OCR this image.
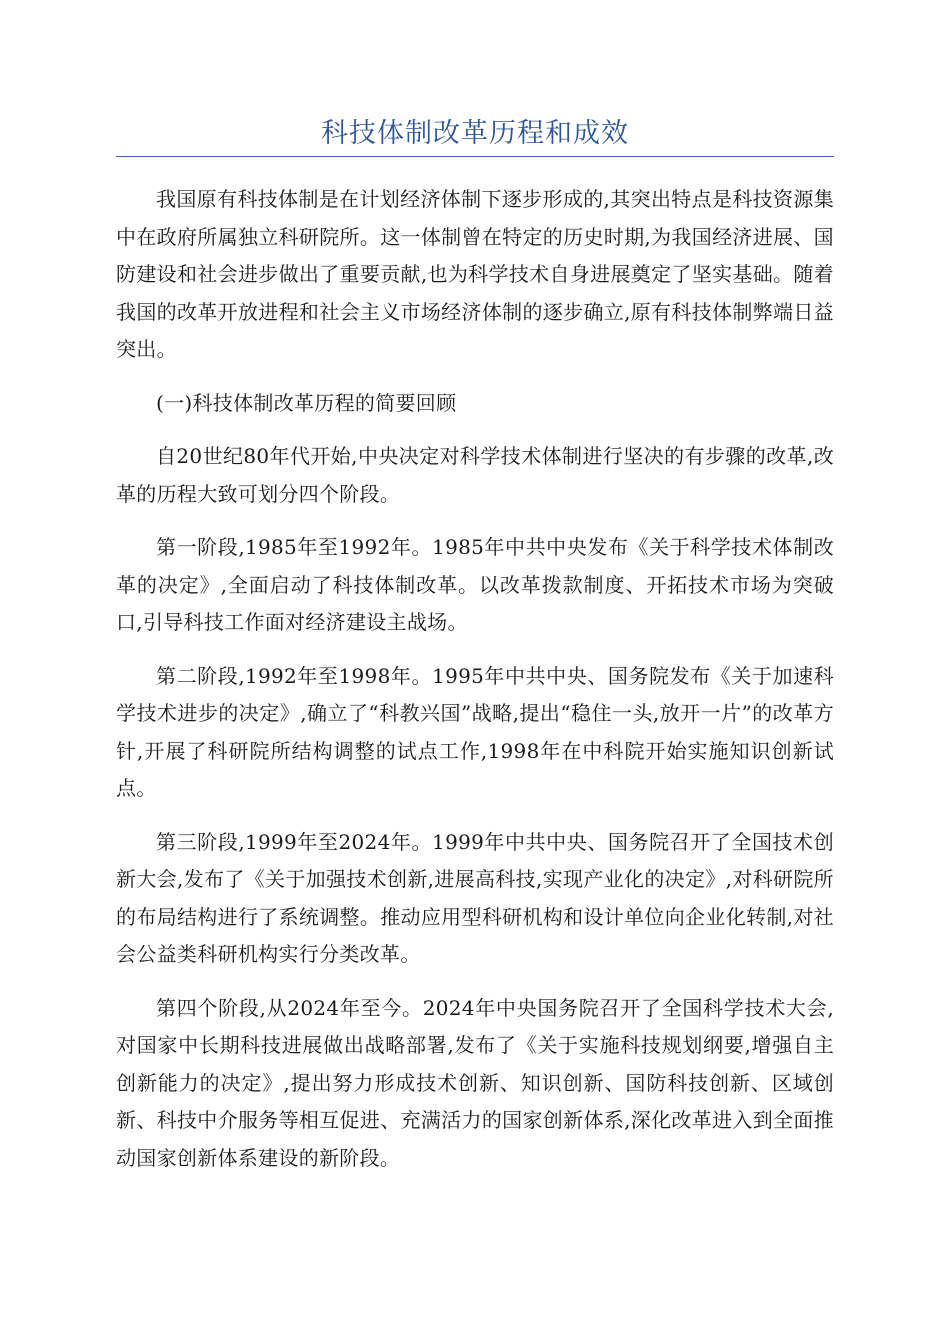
科技体制改革历程和成效

我国原有科技体制是在计划经济体制下逐步形成的,其突出特点是科技资源集中在政府所属独立科研院所。这一体制曾在特定的历史时期,为我国经济进展、国防建设和社会进步做出了重要贡献,也为科学技术自身进展奠定了坚实基础。随着我国的改革开放进程和社会主义市场经济体制的逐步确立,原有科技体制弊端日益突出。

(一)科技体制改革历程的简要回顾

自20世纪80年代开始,中央决定对科学技术体制进行坚决的有步骤的改革,改革的历程大致可划分四个阶段。

第一阶段,1985年至1992年。1985年中共中央发布《关于科学技术体制改革的决定》,全面启动了科技体制改革。以改革拨款制度、开拓技术市场为突破口,引导科技工作面对经济建设主战场。

第二阶段,1992年至1998年。1995年中共中央、国务院发布《关于加速科学技术进步的决定》,确立了“科教兴国”战略,提出“稳住一头,放开一片”的改革方针,开展了科研院所结构调整的试点工作,1998年在中科院开始实施知识创新试点。

第三阶段,1999年至2024年。1999年中共中央、国务院召开了全国技术创新大会,发布了《关于加强技术创新,进展高科技,实现产业化的决定》,对科研院所的布局结构进行了系统调整。推动应用型科研机构和设计单位向企业化转制,对社会公益类科研机构实行分类改革。

第四个阶段,从2024年至今。2024年中央国务院召开了全国科学技术大会,对国家中长期科技进展做出战略部署,发布了《关于实施科技规划纲要,增强自主创新能力的决定》,提出努力形成技术创新、知识创新、国防科技创新、区域创新、科技中介服务等相互促进、充满活力的国家创新体系,深化改革进入到全面推动国家创新体系建设的新阶段。
